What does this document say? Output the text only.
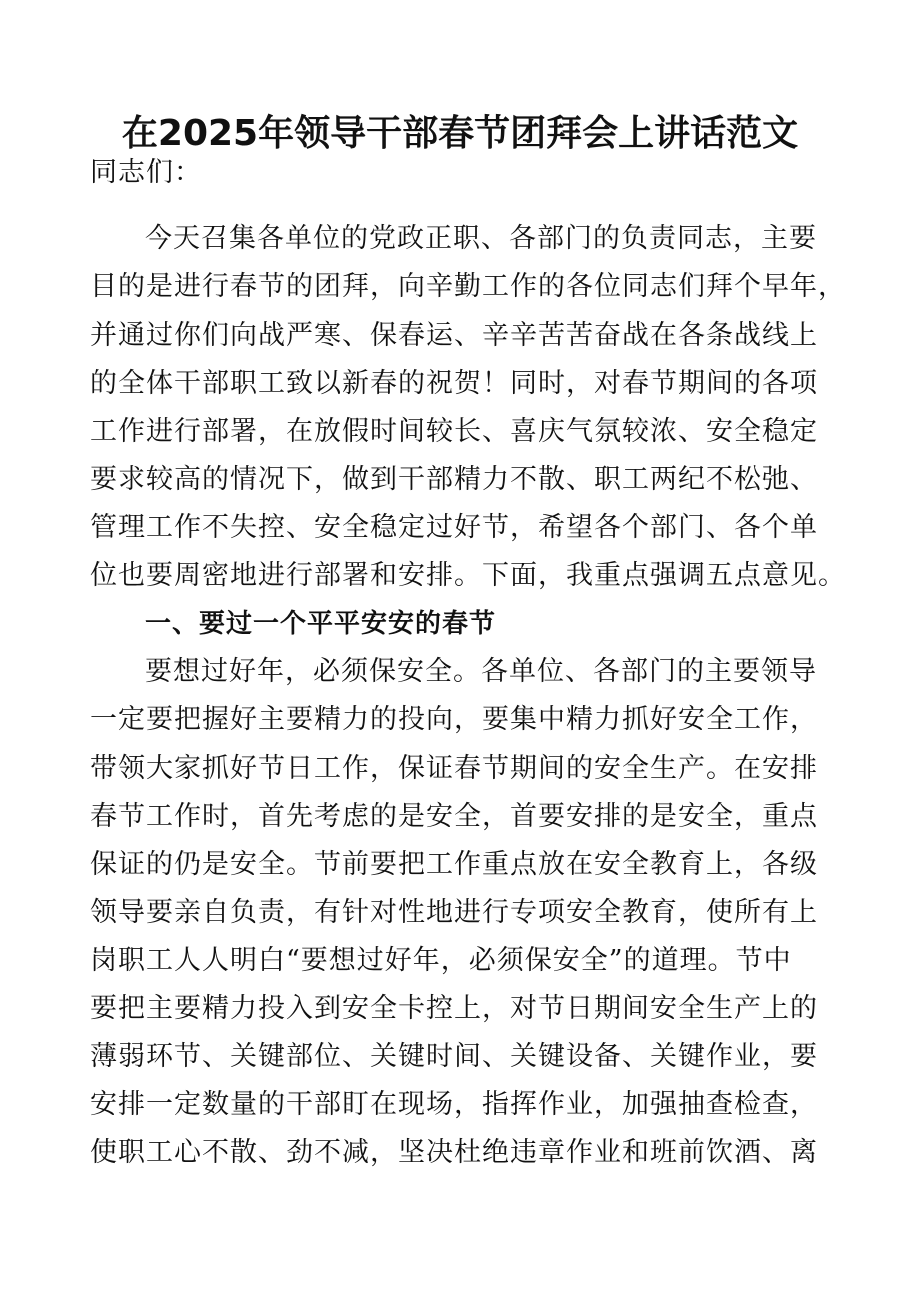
在2025年领导干部春节团拜会上讲话范文
同志们：
今天召集各单位的党政正职、各部门的负责同志，主要
目的是进行春节的团拜，向辛勤工作的各位同志们拜个早年，
并通过你们向战严寒、保春运、辛辛苦苦奋战在各条战线上
的全体干部职工致以新春的祝贺！同时，对春节期间的各项
工作进行部署，在放假时间较长、喜庆气氛较浓、安全稳定
要求较高的情况下，做到干部精力不散、职工两纪不松弛、
管理工作不失控、安全稳定过好节，希望各个部门、各个单
位也要周密地进行部署和安排。下面，我重点强调五点意见。
一、要过一个平平安安的春节
要想过好年，必须保安全。各单位、各部门的主要领导
一定要把握好主要精力的投向，要集中精力抓好安全工作，
带领大家抓好节日工作，保证春节期间的安全生产。在安排
春节工作时，首先考虑的是安全，首要安排的是安全，重点
保证的仍是安全。节前要把工作重点放在安全教育上，各级
领导要亲自负责，有针对性地进行专项安全教育，使所有上
岗职工人人明白“要想过好年，必须保安全”的道理。节中
要把主要精力投入到安全卡控上，对节日期间安全生产上的
薄弱环节、关键部位、关键时间、关键设备、关键作业，要
安排一定数量的干部盯在现场，指挥作业，加强抽查检查，
使职工心不散、劲不减，坚决杜绝违章作业和班前饮酒、离
